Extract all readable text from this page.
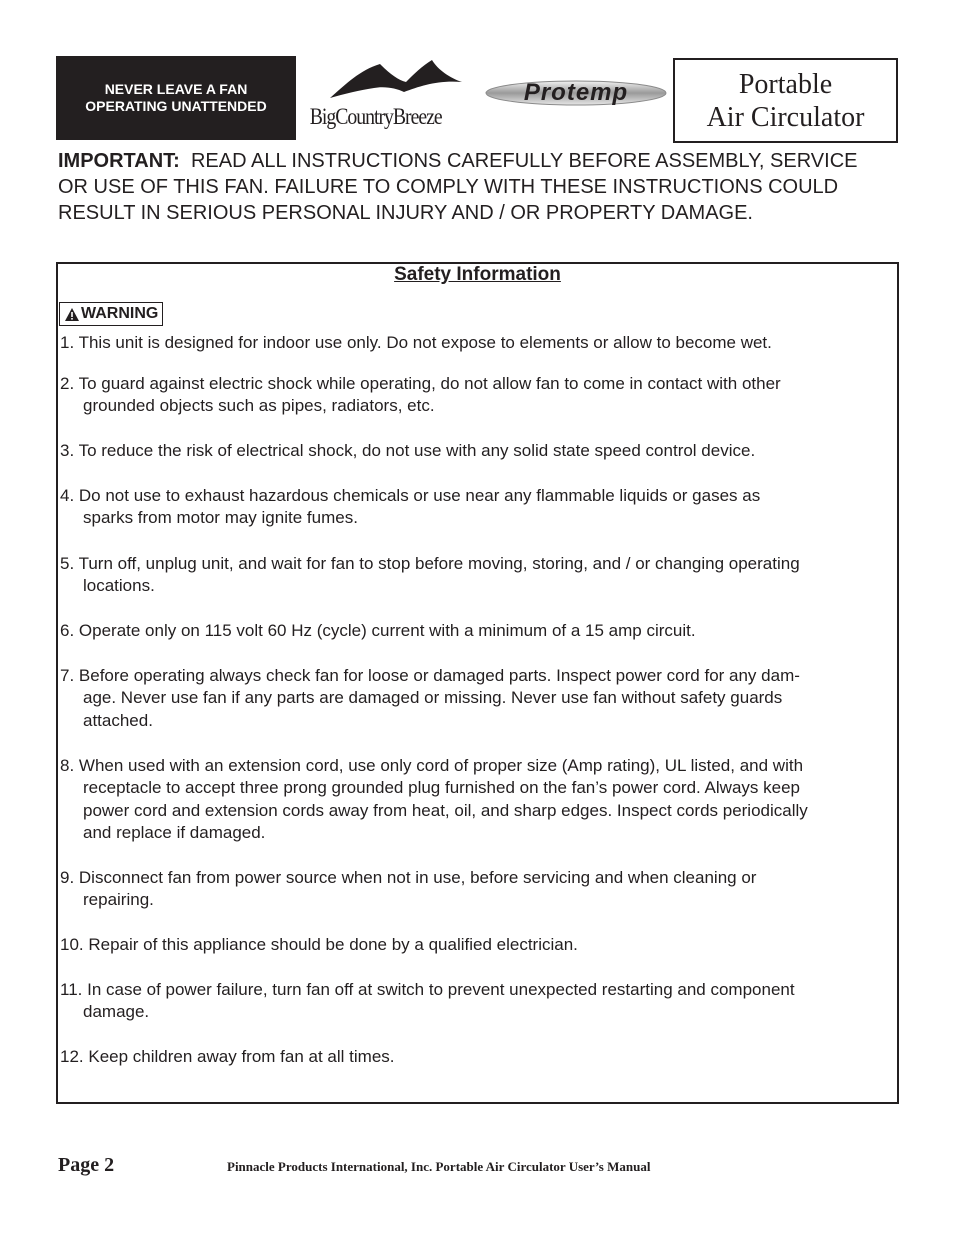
NEVER LEAVE A FAN
OPERATING UNATTENDED	BigCountryBreeze
Protemp	Portable
Air Circulator
IMPORTANT: READ ALL INSTRUCTIONS CAREFULLY BEFORE ASSEMBLY, SERVICE OR USE OF THIS FAN. FAILURE TO COMPLY WITH THESE INSTRUCTIONS COULD RESULT IN SERIOUS PERSONAL INJURY AND / OR PROPERTY DAMAGE.
Safety Information
WARNING
1. This unit is designed for indoor use only. Do not expose to elements or allow to become wet.
2. To guard against electric shock while operating, do not allow fan to come in contact with other
grounded objects such as pipes, radiators, etc.
3. To reduce the risk of electrical shock, do not use with any solid state speed control device.
4. Do not use to exhaust hazardous chemicals or use near any flammable liquids or gases as
sparks from motor may ignite fumes.
5. Turn off, unplug unit, and wait for fan to stop before moving, storing, and / or changing operating
locations.
6. Operate only on 115 volt 60 Hz (cycle) current with a minimum of a 15 amp circuit.
7. Before operating always check fan for loose or damaged parts. Inspect power cord for any dam-
age. Never use fan if any parts are damaged or missing. Never use fan without safety guards
attached.
8. When used with an extension cord, use only cord of proper size (Amp rating), UL listed, and with
receptacle to accept three prong grounded plug furnished on the fan’s power cord. Always keep
power cord and extension cords away from heat, oil, and sharp edges. Inspect cords periodically
and replace if damaged.
9. Disconnect fan from power source when not in use, before servicing and when cleaning or
repairing.
10. Repair of this appliance should be done by a qualified electrician.
11. In case of power failure, turn fan off at switch to prevent unexpected restarting and component
damage.
12. Keep children away from fan at all times.
Page 2	Pinnacle Products International, Inc. Portable Air Circulator User’s Manual
